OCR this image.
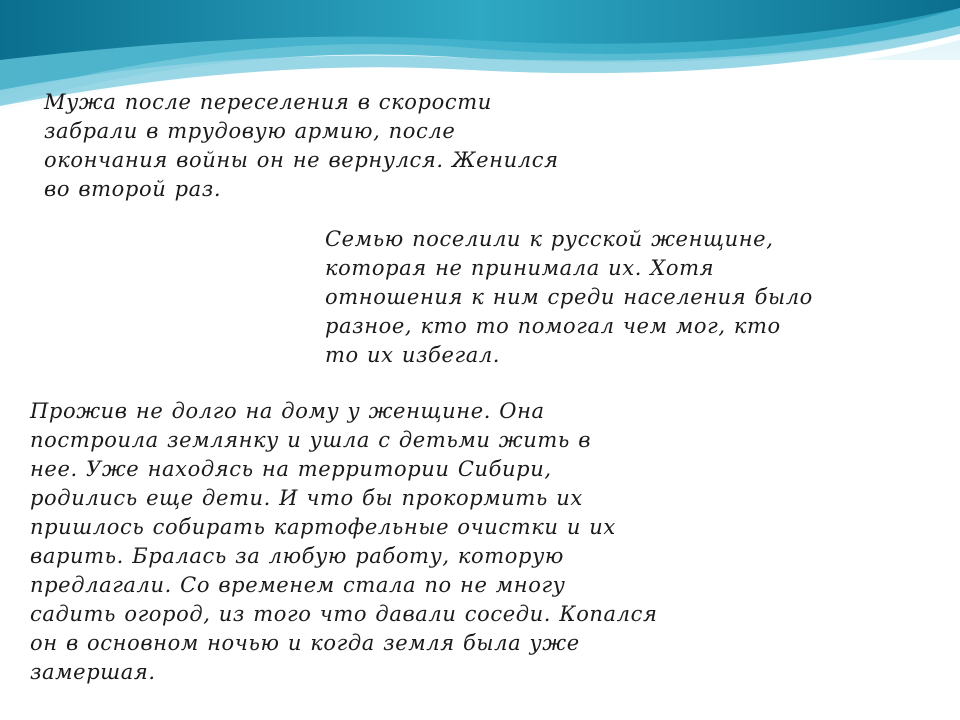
Мужа после переселения в скорости
забрали в трудовую армию, после
окончания войны он не вернулся. Женился
во второй раз.

Семью поселили к русской женщине,
которая не принимала их. Хотя
отношения к ним среди населения было
разное, кто то помогал чем мог, кто
то их избегал.

Прожив не долго на дому у женщине. Она
построила землянку и ушла с детьми жить в
нее. Уже находясь на территории Сибири,
родились еще дети. И что бы прокормить их
пришлось собирать картофельные очистки и их
варить. Бралась за любую работу, которую
предлагали. Со временем стала по не многу
садить огород, из того что давали соседи. Копался
он в основном ночью и когда земля была уже
замершая.
